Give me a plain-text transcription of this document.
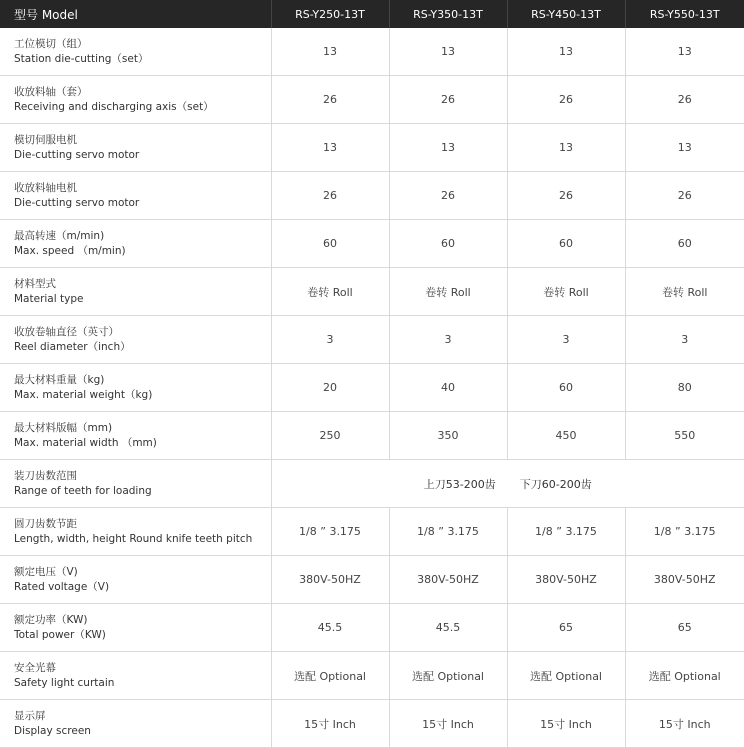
型号 Model	RS-Y250-13T	RS-Y350-13T	RS-Y450-13T	RS-Y550-13T

工位模切（组）
Station die-cutting（set）	13	13	13	13

收放料轴（套）
Receiving and discharging axis（set）	26	26	26	26

模切伺服电机
Die-cutting servo motor	13	13	13	13

收放料轴电机
Die-cutting servo motor	26	26	26	26

最高转速（m/min)
Max. speed （m/min)	60	60	60	60

材料型式
Material type	卷转 Roll	卷转 Roll	卷转 Roll	卷转 Roll

收放卷轴直径（英寸）
Reel diameter（inch）	3	3	3	3

最大材料重量（kg)
Max. material weight（kg)	20	40	60	80

最大材料版幅（mm)
Max. material width （mm)	250	350	450	550

装刀齿数范围
Range of teeth for loading	上刀53-200齿 下刀60-200齿			

圆刀齿数节距
Length, width, height Round knife teeth pitch	1/8 ” 3.175	1/8 ” 3.175	1/8 ” 3.175	1/8 ” 3.175

额定电压（V)
Rated voltage（V)	380V-50HZ	380V-50HZ	380V-50HZ	380V-50HZ

额定功率（KW)
Total power（KW)	45.5	45.5	65	65

安全光幕
Safety light curtain	选配 Optional	选配 Optional	选配 Optional	选配 Optional

显示屏
Display screen	15寸 Inch	15寸 Inch	15寸 Inch	15寸 Inch
